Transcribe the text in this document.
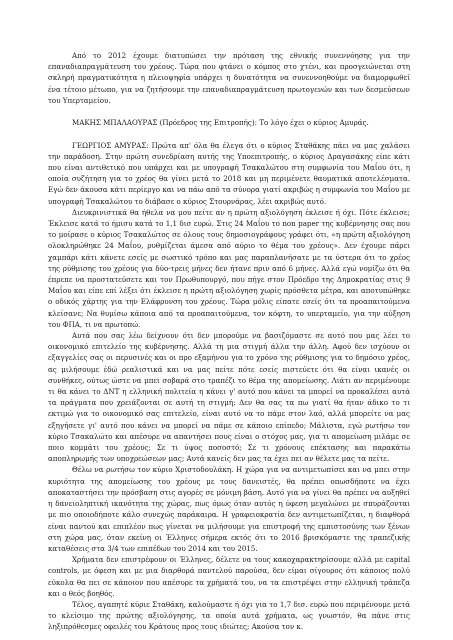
Από το 2012 έχουμε διατυπώσει την πρόταση της εθνικής συνεννόησης για την επαναδιαπραγμάτευση του χρέους. Τώρα που φτάνει ο κόμπος στο χτένι, και προσγειώνεται στη σκληρή πραγματικότητα η πλειοψηφία υπάρχει η δυνατότητα να συνεννοηθούμε να διαμορφωθεί ένα τέτοιο μέτωπο, για να ζητήσουμε την επαναδιαπραγμάτευση πρωτογενών και των δεσμεύσεων του Υπερταμείου.

ΜΑΚΗΣ ΜΠΑΛΑΟΥΡΑΣ (Πρόεδρος της Επιτροπής): Το λόγο έχει ο κύριος Αμυράς.

ΓΕΩΡΓΙΟΣ ΑΜΥΡΑΣ: Πρώτα απ' όλα θα έλεγα ότι ο κύριος Σταθάκης πάει να μας χαλάσει την παράδοση. Στην πρώτη συνεδρίαση αυτής της Υποεπιτροπής, ο κύριος Δραγασάκης είπε κάτι που είναι αντιθετικό που υπάρχει και με υπογραφή Τσακαλώτου στη συμφωνία του Μαΐου ότι, η οποία συζήτηση για το χρέος θα γίνει μετά το 2018 και μη περιμένετε θαυματικά αποτελέσματα. Εγώ δεν άκουσα κάτι περίεργο και να πάω από τα σύνορα γιατί ακριβώς η συμφωνία του Μαΐου με υπογραφή Τσακαλώτου το διάβασε ο κύριος Στουρνάρας, λέει ακριβώς αυτό.

Διευκρινιστικά θα ήθελα να μου πείτε αν η πρώτη αξιολόγηση έκλεισε ή όχι. Πότε έκλεισε; Έκλεισε κατά το ήμισυ κατά το 1,1 δισ ευρώ. Στις 24 Μαΐου το non paper της κυβέρνησης σας που το μοίρασε ο κύριος Τσακαλώτος σε όλους τους δημοσιογράφους γράφει ότι, «η πρώτη αξιολόγηση ολοκληρώθηκε 24 Μαΐου, ρυθμίζεται άμεσα από αύριο το θέμα του χρέους». Δεν έχουμε πάρει χαμπάρι κάτι κάνετε εσείς με σωστικό τρόπο και μας παραπλανήσατε με τα ύστερα ότι το χρέος της ρύθμισης του χρέους για δύο-τρεις μήνες δεν ήτανε πριν από 6 μήνες. Αλλά εγώ νομίζω ότι θα έπρεπε να προστατεύσετε και τον Πρωθυπουργό, που πήγε στον Πρόεδρο της Δημοκρατίας στις 9 Μαΐου και είπε επί λέξει ότι έκλεισε η πρώτη αξιολόγηση χωρίς πρόσθετα μέτρα, και αποτυπώθηκε ο οδικός χάρτης για την Ελάφρυνση του χρέους. Τώρα μόλις είπατε εσείς ότι τα προαπαιτούμενα κλείσανε; Να θυμίσω κάποια από τα προαπαιτούμενα, τον κόφτη, το υπερταμείο, για την αύξηση του ΦΠΑ, τι να πρωτοπώ.

Αυτά που σας λέω δείχνουν ότι δεν μπορούμε να βασιζόμαστε σε αυτό που μας λέει το οικονομικό επιτελείο της κυβέρνησης. Αλλά τη μια στιγμή άλλα την άλλη. Αφού δεν ισχύουν οι εξαγγελίες σας οι περυσινές και οι προ εξαμήνου για το χρόνο της ρύθμισης για το δημόσιο χρέος, ας μιλήσουμε έδώ ρεαλιστικά και να μας πείτε πότε εσείς πιστεύετε ότι θα είναι ικανές οι συνθήκες, ούτως ώστε να μπει σοβαρά στο τραπέζι το θέμα της απομείωσης. Λιάτι αν περιμένουμε τι θα κάνει το ΔΝΤ η ελληνική πολιτεία η κάνει γ' αυτό που κάνει τα μπορεί να προκαλέσει αυτά τα πράγματα που χρειάζονται σε αυτή τη στιγμή; Δεν θα σας τα πω γιατί θα ήταν άδικο το τι εκτιμώ για το οικονομικό σας επιτελείο, είναι αυτό να το πάμε στον λαό, αλλά μπορείτε να μας εξηγήσετε γι' αυτό που κάνει να μπορεί να πάμε σε κάποιο επίπεδο; Μάλιστα, εγώ ρωτήσω τον κύριο Τσακαλώτο και απέσυρε να απαντήσει πους είναι ο στόχος μας, για τι απομείωση μιλάμε σε ποιο κομμάτι του χρέους; Σε τι ύψος ποσοστό; Σε τι χρόνους επέκτασης και παρακάτω αποπληρωμής των υποχρεώσεων μας; Αυτά κανείς δεν μας τα έχει πει αν θέλετε μας τα πείτε.

Θέλω να ρωτήσω τον κύριο Χριστοδουλάκη. Η χώρα για να αντιμετωπίσει και να μπει στην κυριότητα της απομείωσης του χρέους με τους δανειστές, θα πρέπει οπωσδήποτε να έχει αποκαταστήσει την πρόσβαση στις αγορές σε μόνιμη βάση. Αυτό για να γίνει θα πρέπει να αυξηθεί η δανειοληπτική ικανότητα της χώρας, πως όμως όταν αυτός η ύφεση μεγαλώνει με σπυράζονται με πιο οποιοδήποτε κάλο συνεχώς παράκαιρα. Η γραφειοκρατία δεν αντιμετωπίζεται, η διαφθορά είναι παντού και επιπλέον πως γίνεται να μιλήσουμε για επιστροφή της εμπιστοσύνης των ξένων στη χώρα μας, όταν εκείνη οι Έλληνες σήμερα εκτός ότι το 2016 βρισκόμαστε της τραπεζικής καταθέσεις στα 3/4 των επιπέδων του 2014 και του 2015.

Χρήματα δεν επιστρέφουν οι Έλληνες, δέλετε να τους κακοχαρακτηρίσουμε αλλά με capital controls, με όφεση και με μια διαρθορά παντελού παρούσα, δεν είμαι σίγουρος ότι κάποιος πολύ εύκολα θα πει σε κάποιον που απέσυρε τα χρήματά του, να τα επιστρέψει στην ελληνική τράπεζα και ο θεός βοηθός.

Τέλος, αγαπητέ κύριε Σταθάκη, καλούμαστε ή όχι για το 1,7 δισ. ευρώ που περιμένουμε μετά το κλείσιμο της πρώτης αξιολόγησης, τα οποία αυτά χρήματα, ως γνωστόν, θα πάνε στις ληξιπρόθεσμες οφειλές του Κράτους προς τους ιδιώτες; Ακούσα τον κ.
